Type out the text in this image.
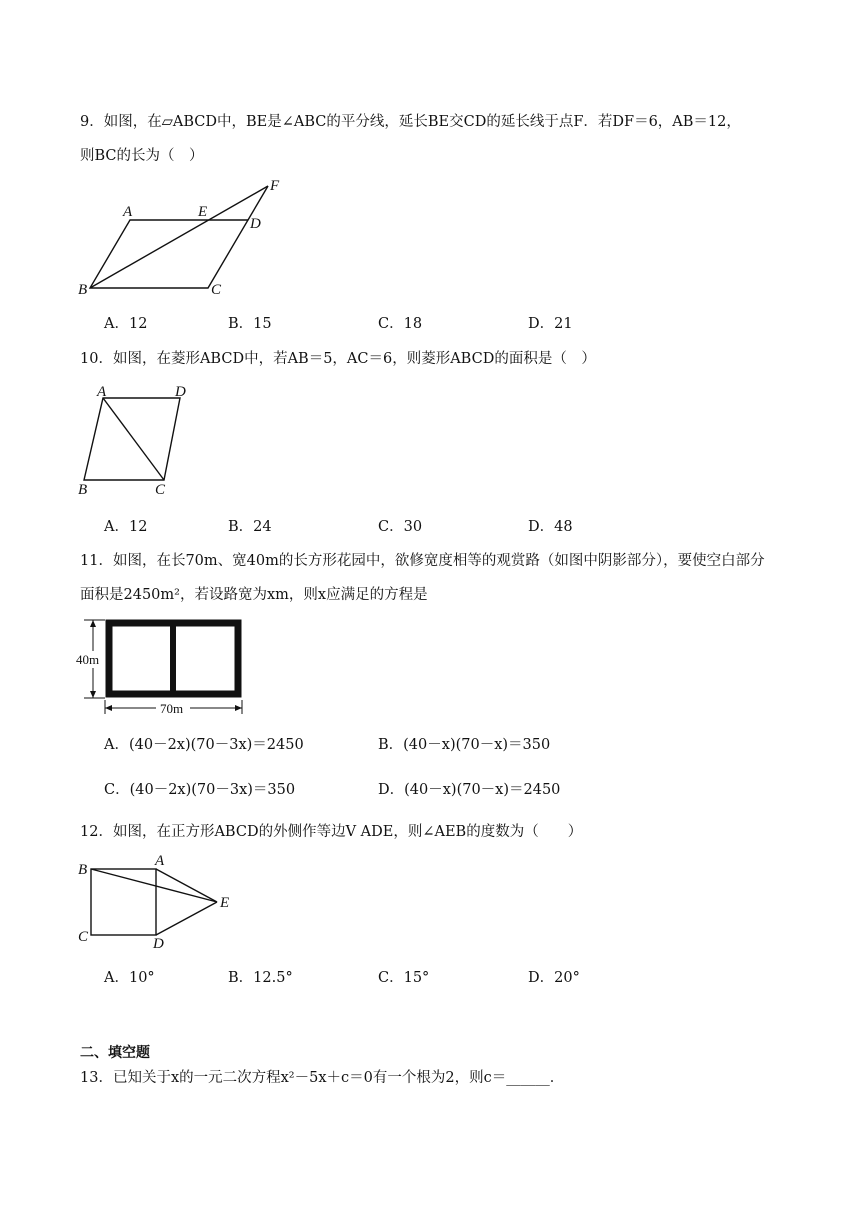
9．如图，在▱ABCD中，BE是∠ABC的平分线，延长BE交CD的延长线于点F．若DF＝6，AB＝12，
则BC的长为（　）
A	E
D
F
B	C
A．12	B．15	C．18	D．21
10．如图，在菱形ABCD中，若AB＝5，AC＝6，则菱形ABCD的面积是（　）
A	D
B	C
A．12	B．24	C．30	D．48
11．如图，在长70m、宽40m的长方形花园中，欲修宽度相等的观赏路（如图中阴影部分），要使空白部分
面积是2450m²，若设路宽为xm，则x应满足的方程是
40m
70m
A．(40－2x)(70－3x)＝2450	B．(40－x)(70－x)＝350
C．(40－2x)(70－3x)＝350	D．(40－x)(70－x)＝2450
12．如图，在正方形ABCD的外侧作等边V ADE，则∠AEB的度数为（　　）
A
B
C	D
E
A．10°	B．12.5°	C．15°	D．20°
二、填空题
13．已知关于x的一元二次方程x²－5x＋c＝0有一个根为2，则c＝______．
